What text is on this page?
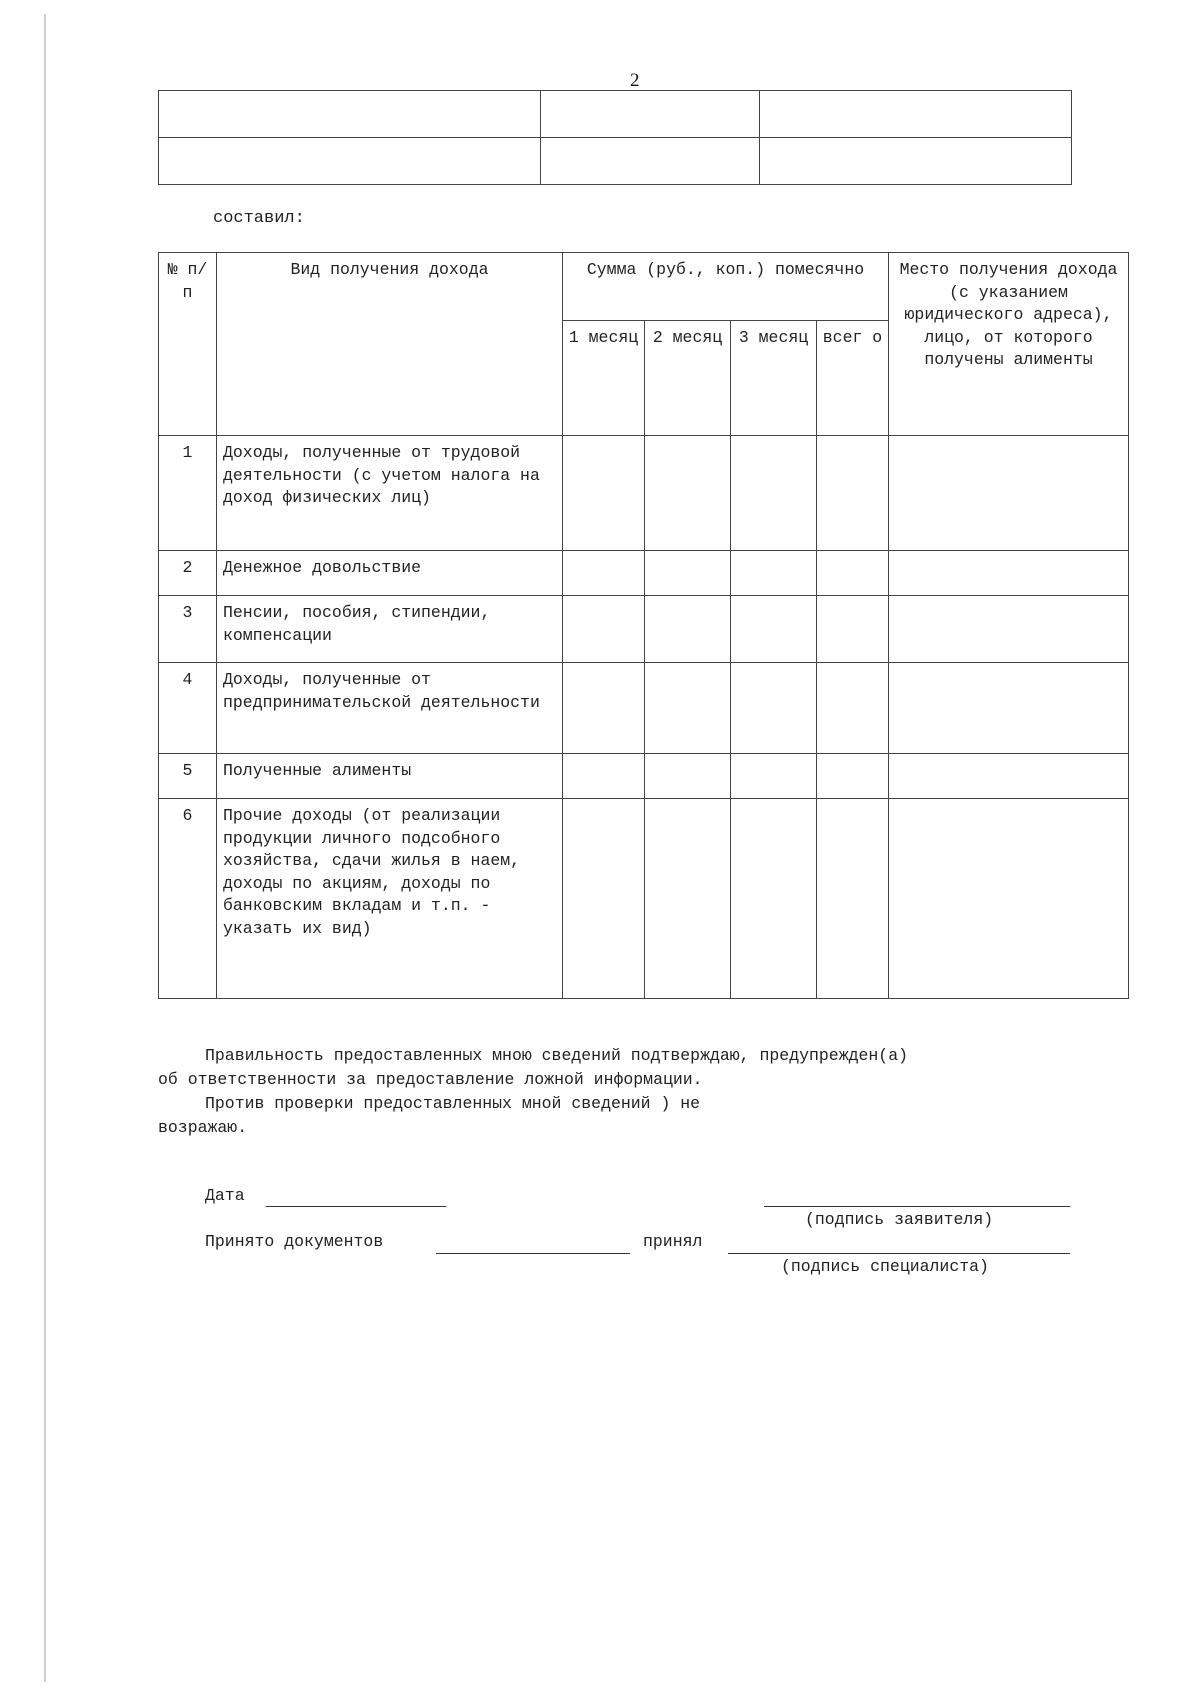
2

составил:
№ п/п	Вид получения дохода	Сумма (руб., коп.) помесячно				Место получения дохода (с указанием юридического адреса), лицо, от которого получены алименты
		1 месяц	2 месяц	3 месяц	всег о	
1	Доходы, полученные от трудовой деятельности (с учетом налога на доход физических лиц)					
2	Денежное довольствие					
3	Пенсии, пособия, стипендии, компенсации					
4	Доходы, полученные от предпринимательской деятельности					
5	Полученные алименты					
6	Прочие доходы (от реализации продукции личного подсобного хозяйства, сдачи жилья в наем, доходы по акциям, доходы по банковским вкладам и т.п. - указать их вид)					
Правильность предоставленных мною сведений подтверждаю, предупрежден(а)
об ответственности за предоставление ложной информации.
Против проверки предоставленных мной сведений ) не
возражаю.
Дата
(подпись заявителя)
Принято документов	принял
(подпись специалиста)
